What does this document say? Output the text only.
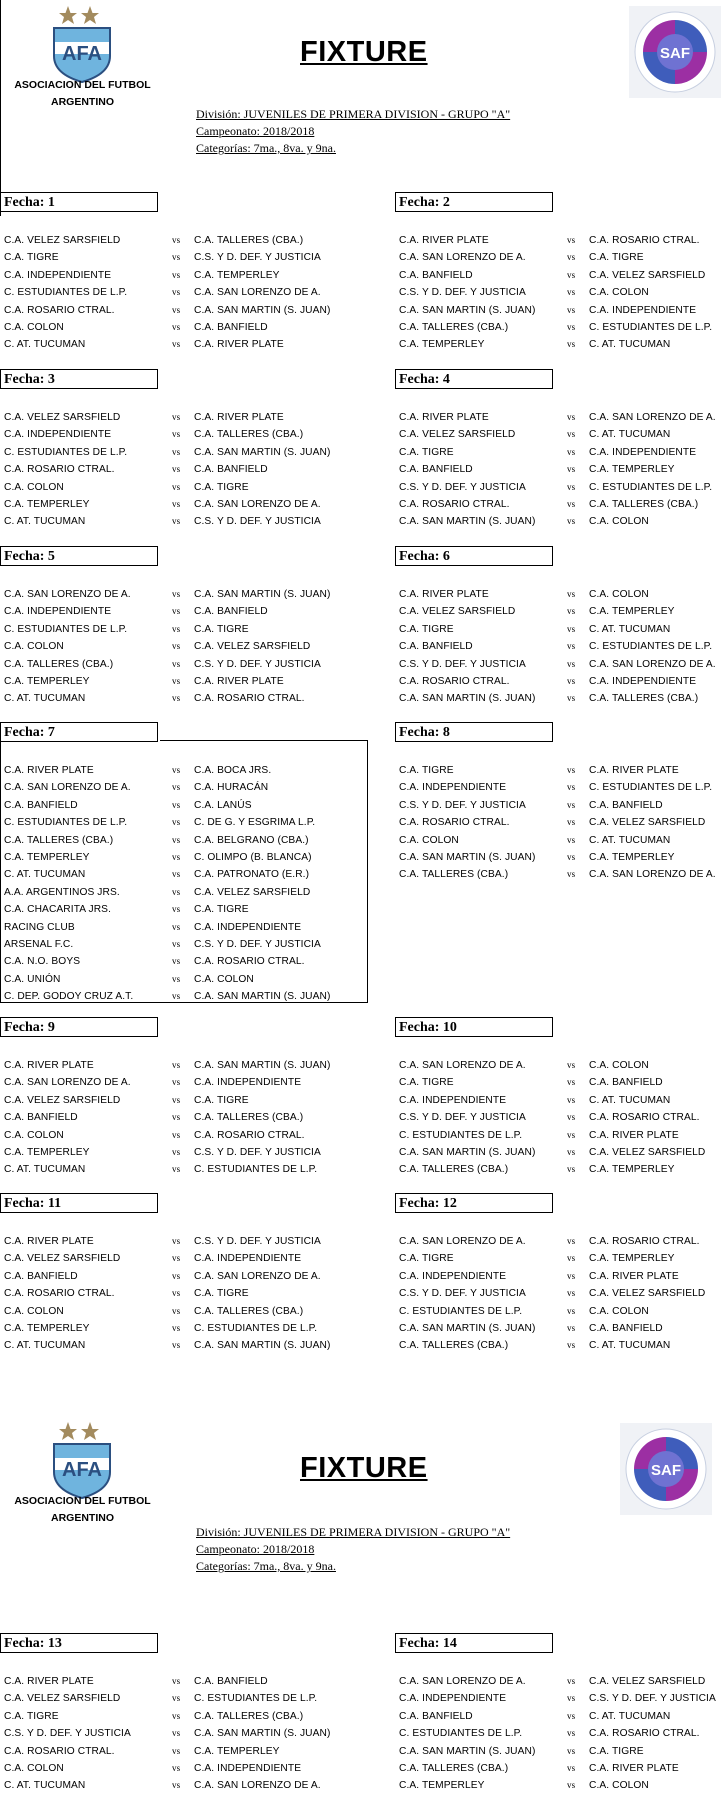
AFA
ASOCIACION DEL FUTBOL
ARGENTINO
FIXTURE	SAF
División: JUVENILES DE PRIMERA DIVISION - GRUPO "A"
Campeonato: 2018/2018
Categorías: 7ma., 8va. y 9na.
AFA
ASOCIACION DEL FUTBOL
ARGENTINO
FIXTURE	SAF
División: JUVENILES DE PRIMERA DIVISION - GRUPO "A"
Campeonato: 2018/2018
Categorías: 7ma., 8va. y 9na.
Fecha: 1
C.A. VELEZ SARSFIELD	vs C.A. TALLERES (CBA.)
C.A. TIGRE	vs C.S. Y D. DEF. Y JUSTICIA
C.A. INDEPENDIENTE	vs C.A. TEMPERLEY
C. ESTUDIANTES DE L.P.	vs C.A. SAN LORENZO DE A.
C.A. ROSARIO CTRAL.	vs C.A. SAN MARTIN (S. JUAN)
C.A. COLON	vs C.A. BANFIELD
C. AT. TUCUMAN	vs C.A. RIVER PLATE
Fecha: 2
C.A. RIVER PLATE	vs C.A. ROSARIO CTRAL.
C.A. SAN LORENZO DE A.	vs C.A. TIGRE
C.A. BANFIELD	vs C.A. VELEZ SARSFIELD
C.S. Y D. DEF. Y JUSTICIA	vs C.A. COLON
C.A. SAN MARTIN (S. JUAN)	vs C.A. INDEPENDIENTE
C.A. TALLERES (CBA.)	vs C. ESTUDIANTES DE L.P.
C.A. TEMPERLEY	vs C. AT. TUCUMAN
Fecha: 3
C.A. VELEZ SARSFIELD	vs C.A. RIVER PLATE
C.A. INDEPENDIENTE	vs C.A. TALLERES (CBA.)
C. ESTUDIANTES DE L.P.	vs C.A. SAN MARTIN (S. JUAN)
C.A. ROSARIO CTRAL.	vs C.A. BANFIELD
C.A. COLON	vs C.A. TIGRE
C.A. TEMPERLEY	vs C.A. SAN LORENZO DE A.
C. AT. TUCUMAN	vs C.S. Y D. DEF. Y JUSTICIA
Fecha: 4
C.A. RIVER PLATE	vs C.A. SAN LORENZO DE A.
C.A. VELEZ SARSFIELD	vs C. AT. TUCUMAN
C.A. TIGRE	vs C.A. INDEPENDIENTE
C.A. BANFIELD	vs C.A. TEMPERLEY
C.S. Y D. DEF. Y JUSTICIA	vs C. ESTUDIANTES DE L.P.
C.A. ROSARIO CTRAL.	vs C.A. TALLERES (CBA.)
C.A. SAN MARTIN (S. JUAN)	vs C.A. COLON
Fecha: 5
C.A. SAN LORENZO DE A.	vs C.A. SAN MARTIN (S. JUAN)
C.A. INDEPENDIENTE	vs C.A. BANFIELD
C. ESTUDIANTES DE L.P.	vs C.A. TIGRE
C.A. COLON	vs C.A. VELEZ SARSFIELD
C.A. TALLERES (CBA.)	vs C.S. Y D. DEF. Y JUSTICIA
C.A. TEMPERLEY	vs C.A. RIVER PLATE
C. AT. TUCUMAN	vs C.A. ROSARIO CTRAL.
Fecha: 6
C.A. RIVER PLATE	vs C.A. COLON
C.A. VELEZ SARSFIELD	vs C.A. TEMPERLEY
C.A. TIGRE	vs C. AT. TUCUMAN
C.A. BANFIELD	vs C. ESTUDIANTES DE L.P.
C.S. Y D. DEF. Y JUSTICIA	vs C.A. SAN LORENZO DE A.
C.A. ROSARIO CTRAL.	vs C.A. INDEPENDIENTE
C.A. SAN MARTIN (S. JUAN)	vs C.A. TALLERES (CBA.)
Fecha: 7
C.A. RIVER PLATE	vs C.A. BOCA JRS.
C.A. SAN LORENZO DE A.	vs C.A. HURACÁN
C.A. BANFIELD	vs C.A. LANÚS
C. ESTUDIANTES DE L.P.	vs C. DE G. Y ESGRIMA L.P.
C.A. TALLERES (CBA.)	vs C.A. BELGRANO (CBA.)
C.A. TEMPERLEY	vs C. OLIMPO (B. BLANCA)
C. AT. TUCUMAN	vs C.A. PATRONATO (E.R.)
A.A. ARGENTINOS JRS.	vs C.A. VELEZ SARSFIELD
C.A. CHACARITA JRS.	vs C.A. TIGRE
RACING CLUB	vs C.A. INDEPENDIENTE
ARSENAL F.C.	vs C.S. Y D. DEF. Y JUSTICIA
C.A. N.O. BOYS	vs C.A. ROSARIO CTRAL.
C.A. UNIÓN	vs C.A. COLON
C. DEP. GODOY CRUZ A.T.	vs C.A. SAN MARTIN (S. JUAN)
Fecha: 8
C.A. TIGRE	vs C.A. RIVER PLATE
C.A. INDEPENDIENTE	vs C. ESTUDIANTES DE L.P.
C.S. Y D. DEF. Y JUSTICIA	vs C.A. BANFIELD
C.A. ROSARIO CTRAL.	vs C.A. VELEZ SARSFIELD
C.A. COLON	vs C. AT. TUCUMAN
C.A. SAN MARTIN (S. JUAN)	vs C.A. TEMPERLEY
C.A. TALLERES (CBA.)	vs C.A. SAN LORENZO DE A.
Fecha: 9
C.A. RIVER PLATE	vs C.A. SAN MARTIN (S. JUAN)
C.A. SAN LORENZO DE A.	vs C.A. INDEPENDIENTE
C.A. VELEZ SARSFIELD	vs C.A. TIGRE
C.A. BANFIELD	vs C.A. TALLERES (CBA.)
C.A. COLON	vs C.A. ROSARIO CTRAL.
C.A. TEMPERLEY	vs C.S. Y D. DEF. Y JUSTICIA
C. AT. TUCUMAN	vs C. ESTUDIANTES DE L.P.
Fecha: 10
C.A. SAN LORENZO DE A.	vs C.A. COLON
C.A. TIGRE	vs C.A. BANFIELD
C.A. INDEPENDIENTE	vs C. AT. TUCUMAN
C.S. Y D. DEF. Y JUSTICIA	vs C.A. ROSARIO CTRAL.
C. ESTUDIANTES DE L.P.	vs C.A. RIVER PLATE
C.A. SAN MARTIN (S. JUAN)	vs C.A. VELEZ SARSFIELD
C.A. TALLERES (CBA.)	vs C.A. TEMPERLEY
Fecha: 11
C.A. RIVER PLATE	vs C.S. Y D. DEF. Y JUSTICIA
C.A. VELEZ SARSFIELD	vs C.A. INDEPENDIENTE
C.A. BANFIELD	vs C.A. SAN LORENZO DE A.
C.A. ROSARIO CTRAL.	vs C.A. TIGRE
C.A. COLON	vs C.A. TALLERES (CBA.)
C.A. TEMPERLEY	vs C. ESTUDIANTES DE L.P.
C. AT. TUCUMAN	vs C.A. SAN MARTIN (S. JUAN)
Fecha: 12
C.A. SAN LORENZO DE A.	vs C.A. ROSARIO CTRAL.
C.A. TIGRE	vs C.A. TEMPERLEY
C.A. INDEPENDIENTE	vs C.A. RIVER PLATE
C.S. Y D. DEF. Y JUSTICIA	vs C.A. VELEZ SARSFIELD
C. ESTUDIANTES DE L.P.	vs C.A. COLON
C.A. SAN MARTIN (S. JUAN)	vs C.A. BANFIELD
C.A. TALLERES (CBA.)	vs C. AT. TUCUMAN
Fecha: 13
C.A. RIVER PLATE	vs C.A. BANFIELD
C.A. VELEZ SARSFIELD	vs C. ESTUDIANTES DE L.P.
C.A. TIGRE	vs C.A. TALLERES (CBA.)
C.S. Y D. DEF. Y JUSTICIA	vs C.A. SAN MARTIN (S. JUAN)
C.A. ROSARIO CTRAL.	vs C.A. TEMPERLEY
C.A. COLON	vs C.A. INDEPENDIENTE
C. AT. TUCUMAN	vs C.A. SAN LORENZO DE A.
Fecha: 14
C.A. SAN LORENZO DE A.	vs C.A. VELEZ SARSFIELD
C.A. INDEPENDIENTE	vs C.S. Y D. DEF. Y JUSTICIA
C.A. BANFIELD	vs C. AT. TUCUMAN
C. ESTUDIANTES DE L.P.	vs C.A. ROSARIO CTRAL.
C.A. SAN MARTIN (S. JUAN)	vs C.A. TIGRE
C.A. TALLERES (CBA.)	vs C.A. RIVER PLATE
C.A. TEMPERLEY	vs C.A. COLON
